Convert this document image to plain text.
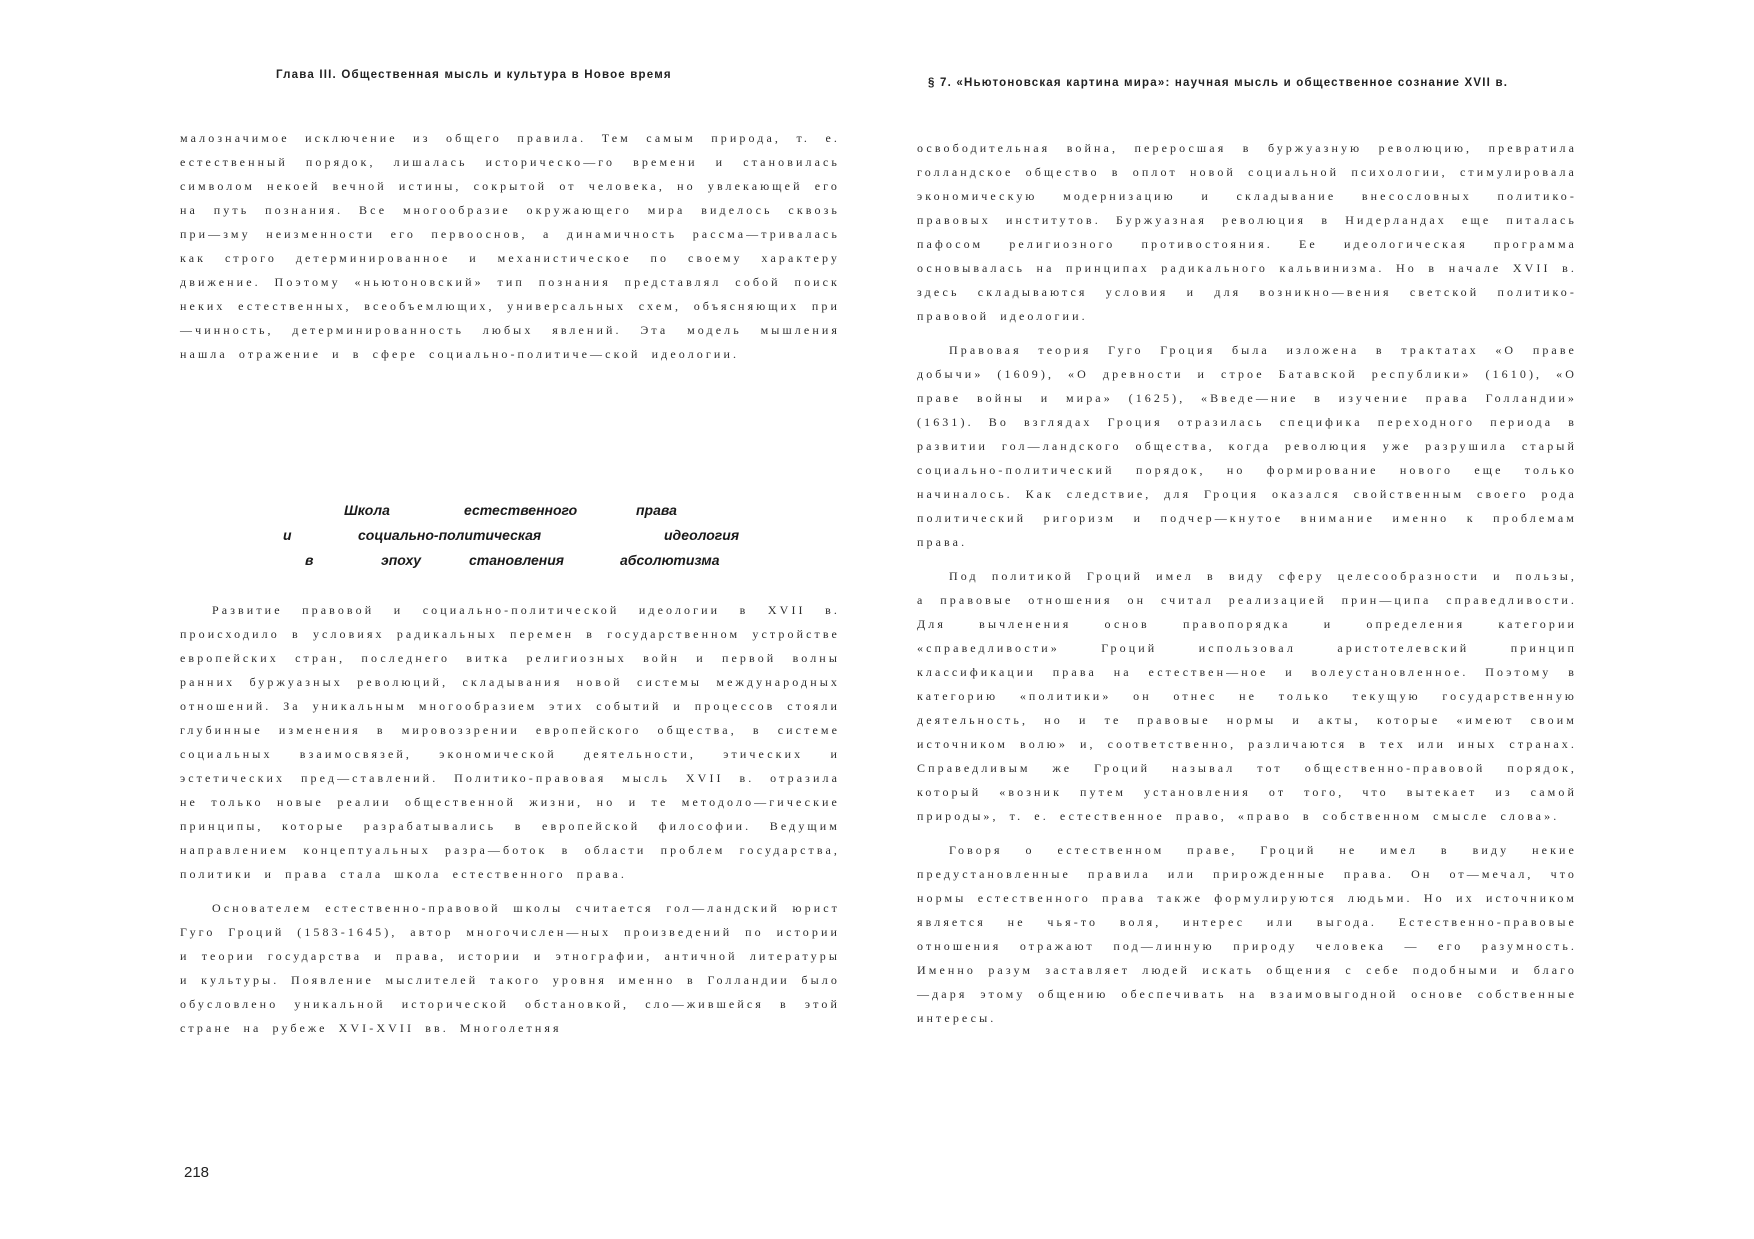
Глава III. Общественная мысль и культура в Новое время
§ 7. «Ньютоновская картина мира»: научная мысль и общественное сознание XVII в.

малозначимое исключение из общего правила. Тем самым природа, т. е. естественный порядок, лишалась историческо—го времени и становилась символом некоей вечной истины, сокрытой от человека, но увлекающей его на путь познания. Все многообразие окружающего мира виделось сквозь при—зму неизменности его первооснов, а динамичность рассма—тривалась как строго детерминированное и механистическое по своему характеру движение. Поэтому «ньютоновский» тип познания представлял собой поиск неких естественных, всеобъемлющих, универсальных схем, объясняющих при—чинность, детерминированность любых явлений. Эта модель мышления нашла отражение и в сфере социально-политиче—ской идеологии.

Школа	естественного	права
и	социально-политическая	идеология
в	эпоху	становления	абсолютизма

Развитие правовой и социально-политической идеологии в XVII в. происходило в условиях радикальных перемен в государственном устройстве европейских стран, последнего витка религиозных войн и первой волны ранних буржуазных революций, складывания новой системы международных отношений. За уникальным многообразием этих событий и процессов стояли глубинные изменения в мировоззрении европейского общества, в системе социальных взаимосвязей, экономической деятельности, этических и эстетических пред—ставлений. Политико-правовая мысль XVII в. отразила не только новые реалии общественной жизни, но и те методоло—гические принципы, которые разрабатывались в европейской философии. Ведущим направлением концептуальных разра—боток в области проблем государства, политики и права стала школа естественного права.

Основателем естественно-правовой школы считается гол—ландский юрист Гуго Гроций (1583-1645), автор многочислен—ных произведений по истории и теории государства и права, истории и этнографии, античной литературы и культуры. Появление мыслителей такого уровня именно в Голландии было обусловлено уникальной исторической обстановкой, сло—жившейся в этой стране на рубеже XVI-XVII вв. Многолетняя

218

освободительная война, переросшая в буржуазную революцию, превратила голландское общество в оплот новой социальной психологии, стимулировала экономическую модернизацию и складывание внесословных политико-правовых институтов. Буржуазная революция в Нидерландах еще питалась пафосом религиозного противостояния. Ее идеологическая программа основывалась на принципах радикального кальвинизма. Но в начале XVII в. здесь складываются условия и для возникно—вения светской политико-правовой идеологии.

Правовая теория Гуго Гроция была изложена в трактатах «О праве добычи» (1609), «О древности и строе Батавской республики» (1610), «О праве войны и мира» (1625), «Введе—ние в изучение права Голландии» (1631). Во взглядах Гроция отразилась специфика переходного периода в развитии гол—ландского общества, когда революция уже разрушила старый социально-политический порядок, но формирование нового еще только начиналось. Как следствие, для Гроция оказался свойственным своего рода политический ригоризм и подчер—кнутое внимание именно к проблемам права.

Под политикой Гроций имел в виду сферу целесообразности и пользы, а правовые отношения он считал реализацией прин—ципа справедливости. Для вычленения основ правопорядка и определения категории «справедливости» Гроций использовал аристотелевский принцип классификации права на естествен—ное и волеустановленное. Поэтому в категорию «политики» он отнес не только текущую государственную деятельность, но и те правовые нормы и акты, которые «имеют своим источником волю» и, соответственно, различаются в тех или иных странах. Справедливым же Гроций называл тот общественно-правовой порядок, который «возник путем установления от того, что вытекает из самой природы», т. е. естественное право, «право в собственном смысле слова».

Говоря о естественном праве, Гроций не имел в виду некие предустановленные правила или прирожденные права. Он от—мечал, что нормы естественного права также формулируются людьми. Но их источником является не чья-то воля, интерес или выгода. Естественно-правовые отношения отражают под—линную природу человека — его разумность. Именно разум заставляет людей искать общения с себе подобными и благо—даря этому общению обеспечивать на взаимовыгодной основе собственные интересы.
